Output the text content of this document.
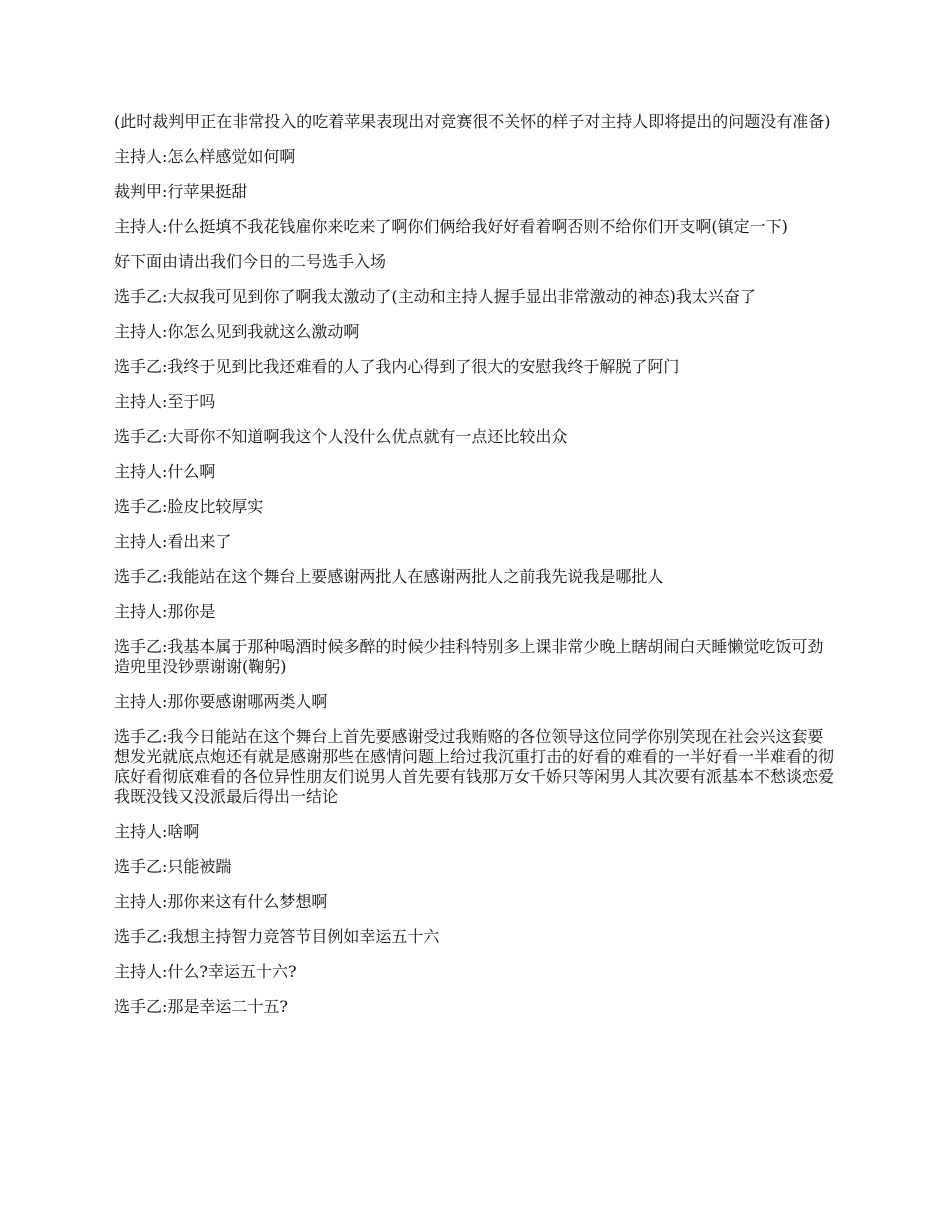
(此时裁判甲正在非常投入的吃着苹果表现出对竞赛很不关怀的样子对主持人即将提出的问题没有准备)

主持人:怎么样感觉如何啊

裁判甲:行苹果挺甜

主持人:什么挺填不我花钱雇你来吃来了啊你们俩给我好好看着啊否则不给你们开支啊(镇定一下)

好下面由请出我们今日的二号选手入场

选手乙:大叔我可见到你了啊我太激动了(主动和主持人握手显出非常激动的神态)我太兴奋了

主持人:你怎么见到我就这么激动啊

选手乙:我终于见到比我还难看的人了我内心得到了很大的安慰我终于解脱了阿门

主持人:至于吗

选手乙:大哥你不知道啊我这个人没什么优点就有一点还比较出众

主持人:什么啊

选手乙:脸皮比较厚实

主持人:看出来了

选手乙:我能站在这个舞台上要感谢两批人在感谢两批人之前我先说我是哪批人

主持人:那你是

选手乙:我基本属于那种喝酒时候多醉的时候少挂科特别多上课非常少晚上瞎胡闹白天睡懒觉吃饭可劲造兜里没钞票谢谢(鞠躬)

主持人:那你要感谢哪两类人啊

选手乙:我今日能站在这个舞台上首先要感谢受过我贿赂的各位领导这位同学你别笑现在社会兴这套要想发光就底点炮还有就是感谢那些在感情问题上给过我沉重打击的好看的难看的一半好看一半难看的彻底好看彻底难看的各位异性朋友们说男人首先要有钱那万女千娇只等闲男人其次要有派基本不愁谈恋爱我既没钱又没派最后得出一结论

主持人:啥啊

选手乙:只能被踹

主持人:那你来这有什么梦想啊

选手乙:我想主持智力竞答节目例如幸运五十六

主持人:什么?幸运五十六?

选手乙:那是幸运二十五?
